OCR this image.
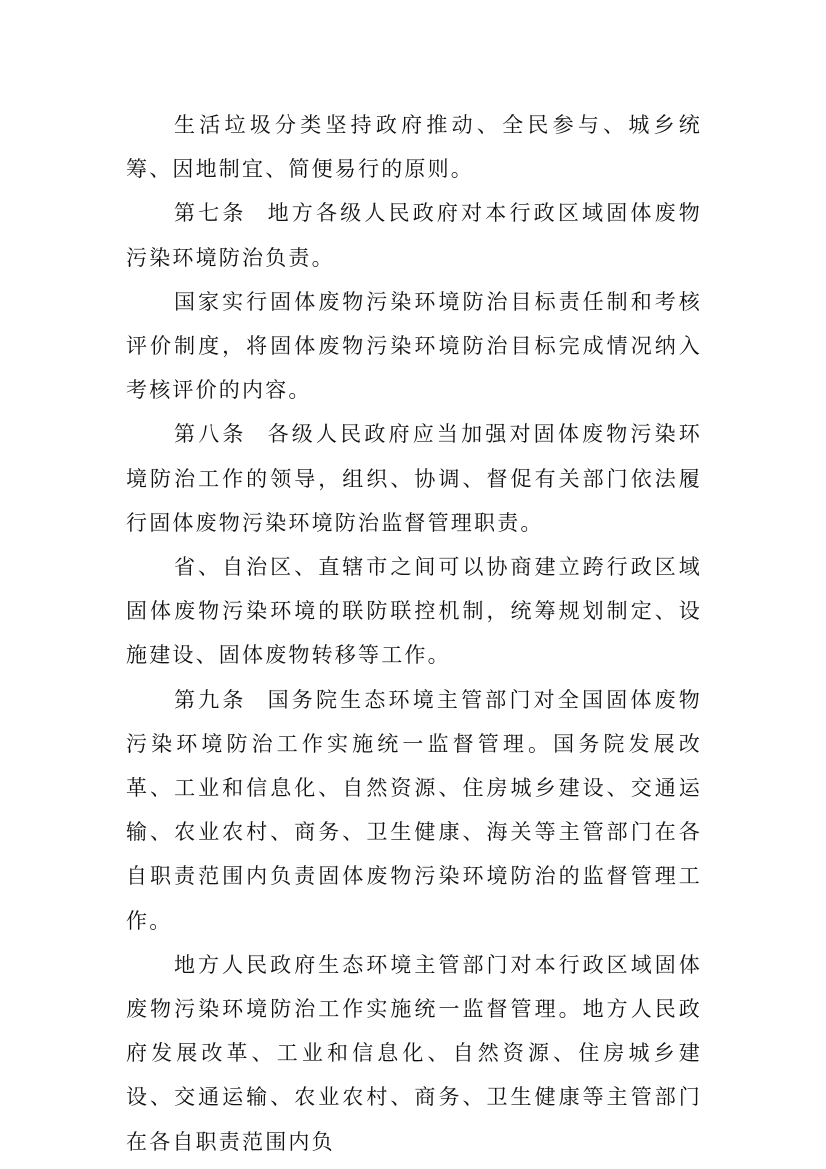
生活垃圾分类坚持政府推动、全民参与、城乡统筹、因地制宜、简便易行的原则。

第七条 地方各级人民政府对本行政区域固体废物污染环境防治负责。

国家实行固体废物污染环境防治目标责任制和考核评价制度，将固体废物污染环境防治目标完成情况纳入考核评价的内容。

第八条 各级人民政府应当加强对固体废物污染环境防治工作的领导，组织、协调、督促有关部门依法履行固体废物污染环境防治监督管理职责。

省、自治区、直辖市之间可以协商建立跨行政区域固体废物污染环境的联防联控机制，统筹规划制定、设施建设、固体废物转移等工作。

第九条 国务院生态环境主管部门对全国固体废物污染环境防治工作实施统一监督管理。国务院发展改革、工业和信息化、自然资源、住房城乡建设、交通运输、农业农村、商务、卫生健康、海关等主管部门在各自职责范围内负责固体废物污染环境防治的监督管理工作。

地方人民政府生态环境主管部门对本行政区域固体废物污染环境防治工作实施统一监督管理。地方人民政府发展改革、工业和信息化、自然资源、住房城乡建设、交通运输、农业农村、商务、卫生健康等主管部门在各自职责范围内负
